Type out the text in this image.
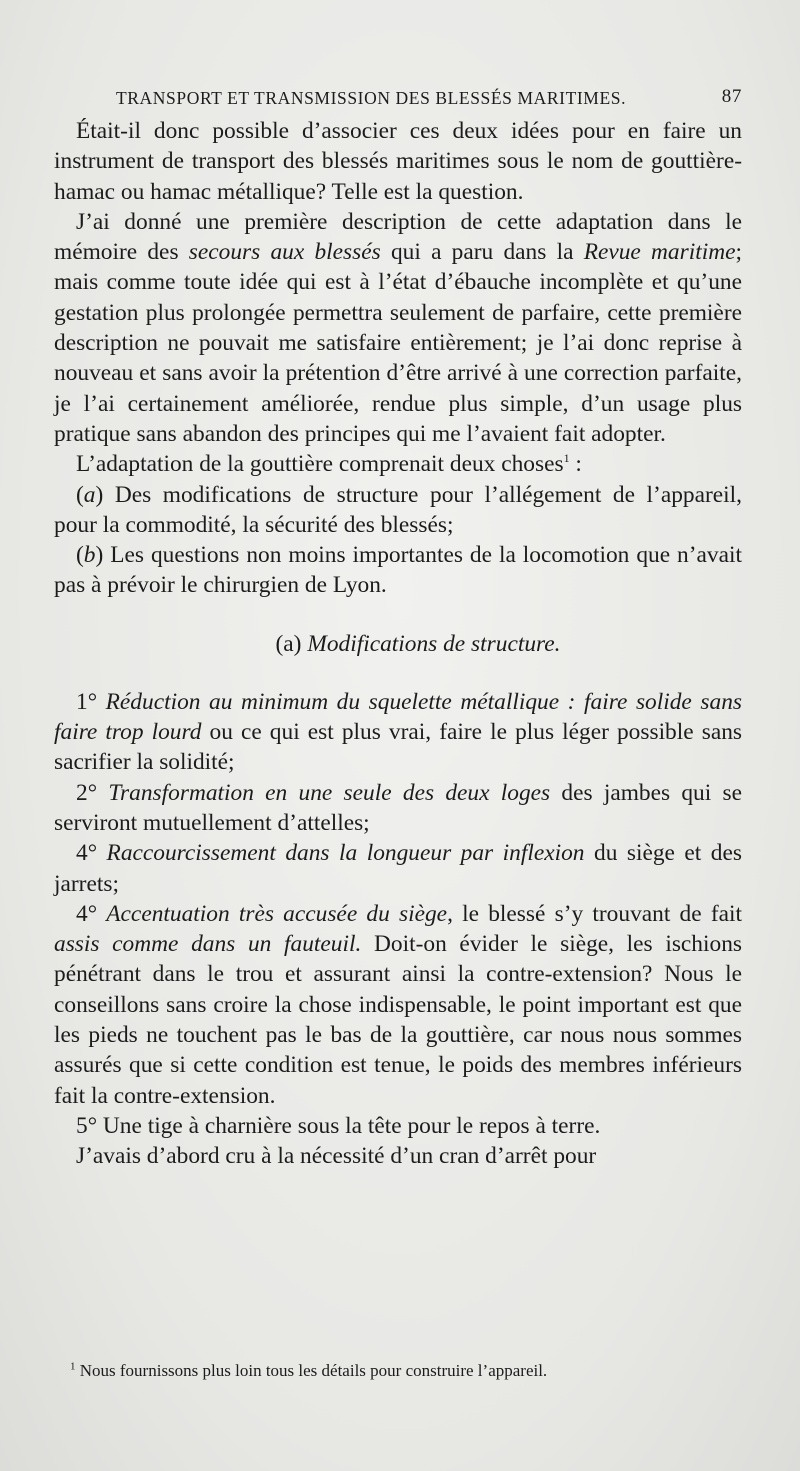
TRANSPORT ET TRANSMISSION DES BLESSÉS MARITIMES.	87

Était-il donc possible d’associer ces deux idées pour en faire un instrument de transport des blessés maritimes sous le nom de gouttière-hamac ou hamac métallique? Telle est la question.

J’ai donné une première description de cette adaptation dans le mémoire des secours aux blessés qui a paru dans la Revue maritime; mais comme toute idée qui est à l’état d’ébauche incomplète et qu’une gestation plus prolongée permettra seulement de parfaire, cette première description ne pouvait me satisfaire entièrement; je l’ai donc reprise à nouveau et sans avoir la prétention d’être arrivé à une correction parfaite, je l’ai certainement améliorée, rendue plus simple, d’un usage plus pratique sans abandon des principes qui me l’avaient fait adopter.

L’adaptation de la gouttière comprenait deux choses$^1$ :

(a) Des modifications de structure pour l’allégement de l’appareil, pour la commodité, la sécurité des blessés;

(b) Les questions non moins importantes de la locomotion que n’avait pas à prévoir le chirurgien de Lyon.

(a) Modifications de structure.

1° Réduction au minimum du squelette métallique : faire solide sans faire trop lourd ou ce qui est plus vrai, faire le plus léger possible sans sacrifier la solidité;

2° Transformation en une seule des deux loges des jambes qui se serviront mutuellement d’attelles;

4° Raccourcissement dans la longueur par inflexion du siège et des jarrets;

4° Accentuation très accusée du siège, le blessé s’y trouvant de fait assis comme dans un fauteuil. Doit-on évider le siège, les ischions pénétrant dans le trou et assurant ainsi la contre-extension? Nous le conseillons sans croire la chose indispensable, le point important est que les pieds ne touchent pas le bas de la gouttière, car nous nous sommes assurés que si cette condition est tenue, le poids des membres inférieurs fait la contre-extension.

5° Une tige à charnière sous la tête pour le repos à terre.

J’avais d’abord cru à la nécessité d’un cran d’arrêt pour

$^1$ Nous fournissons plus loin tous les détails pour construire l’appareil.
